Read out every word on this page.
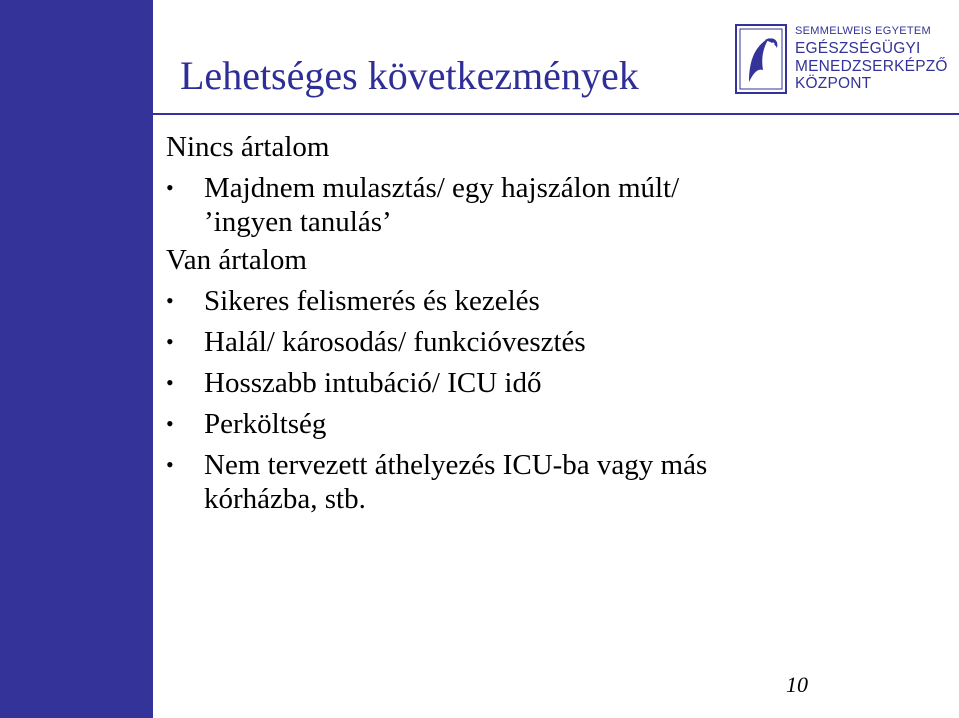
Lehetséges következmények
SEMMELWEIS EGYETEM
EGÉSZSÉGÜGYI
MENEDZSERKÉPZŐ
KÖZPONT
Nincs ártalom
• Majdnem mulasztás/ egy hajszálon múlt/
’ingyen tanulás’
Van ártalom
• Sikeres felismerés és kezelés
• Halál/ károsodás/ funkcióvesztés
• Hosszabb intubáció/ ICU idő
• Perköltség
• Nem tervezett áthelyezés ICU-ba vagy más
kórházba, stb.
10
